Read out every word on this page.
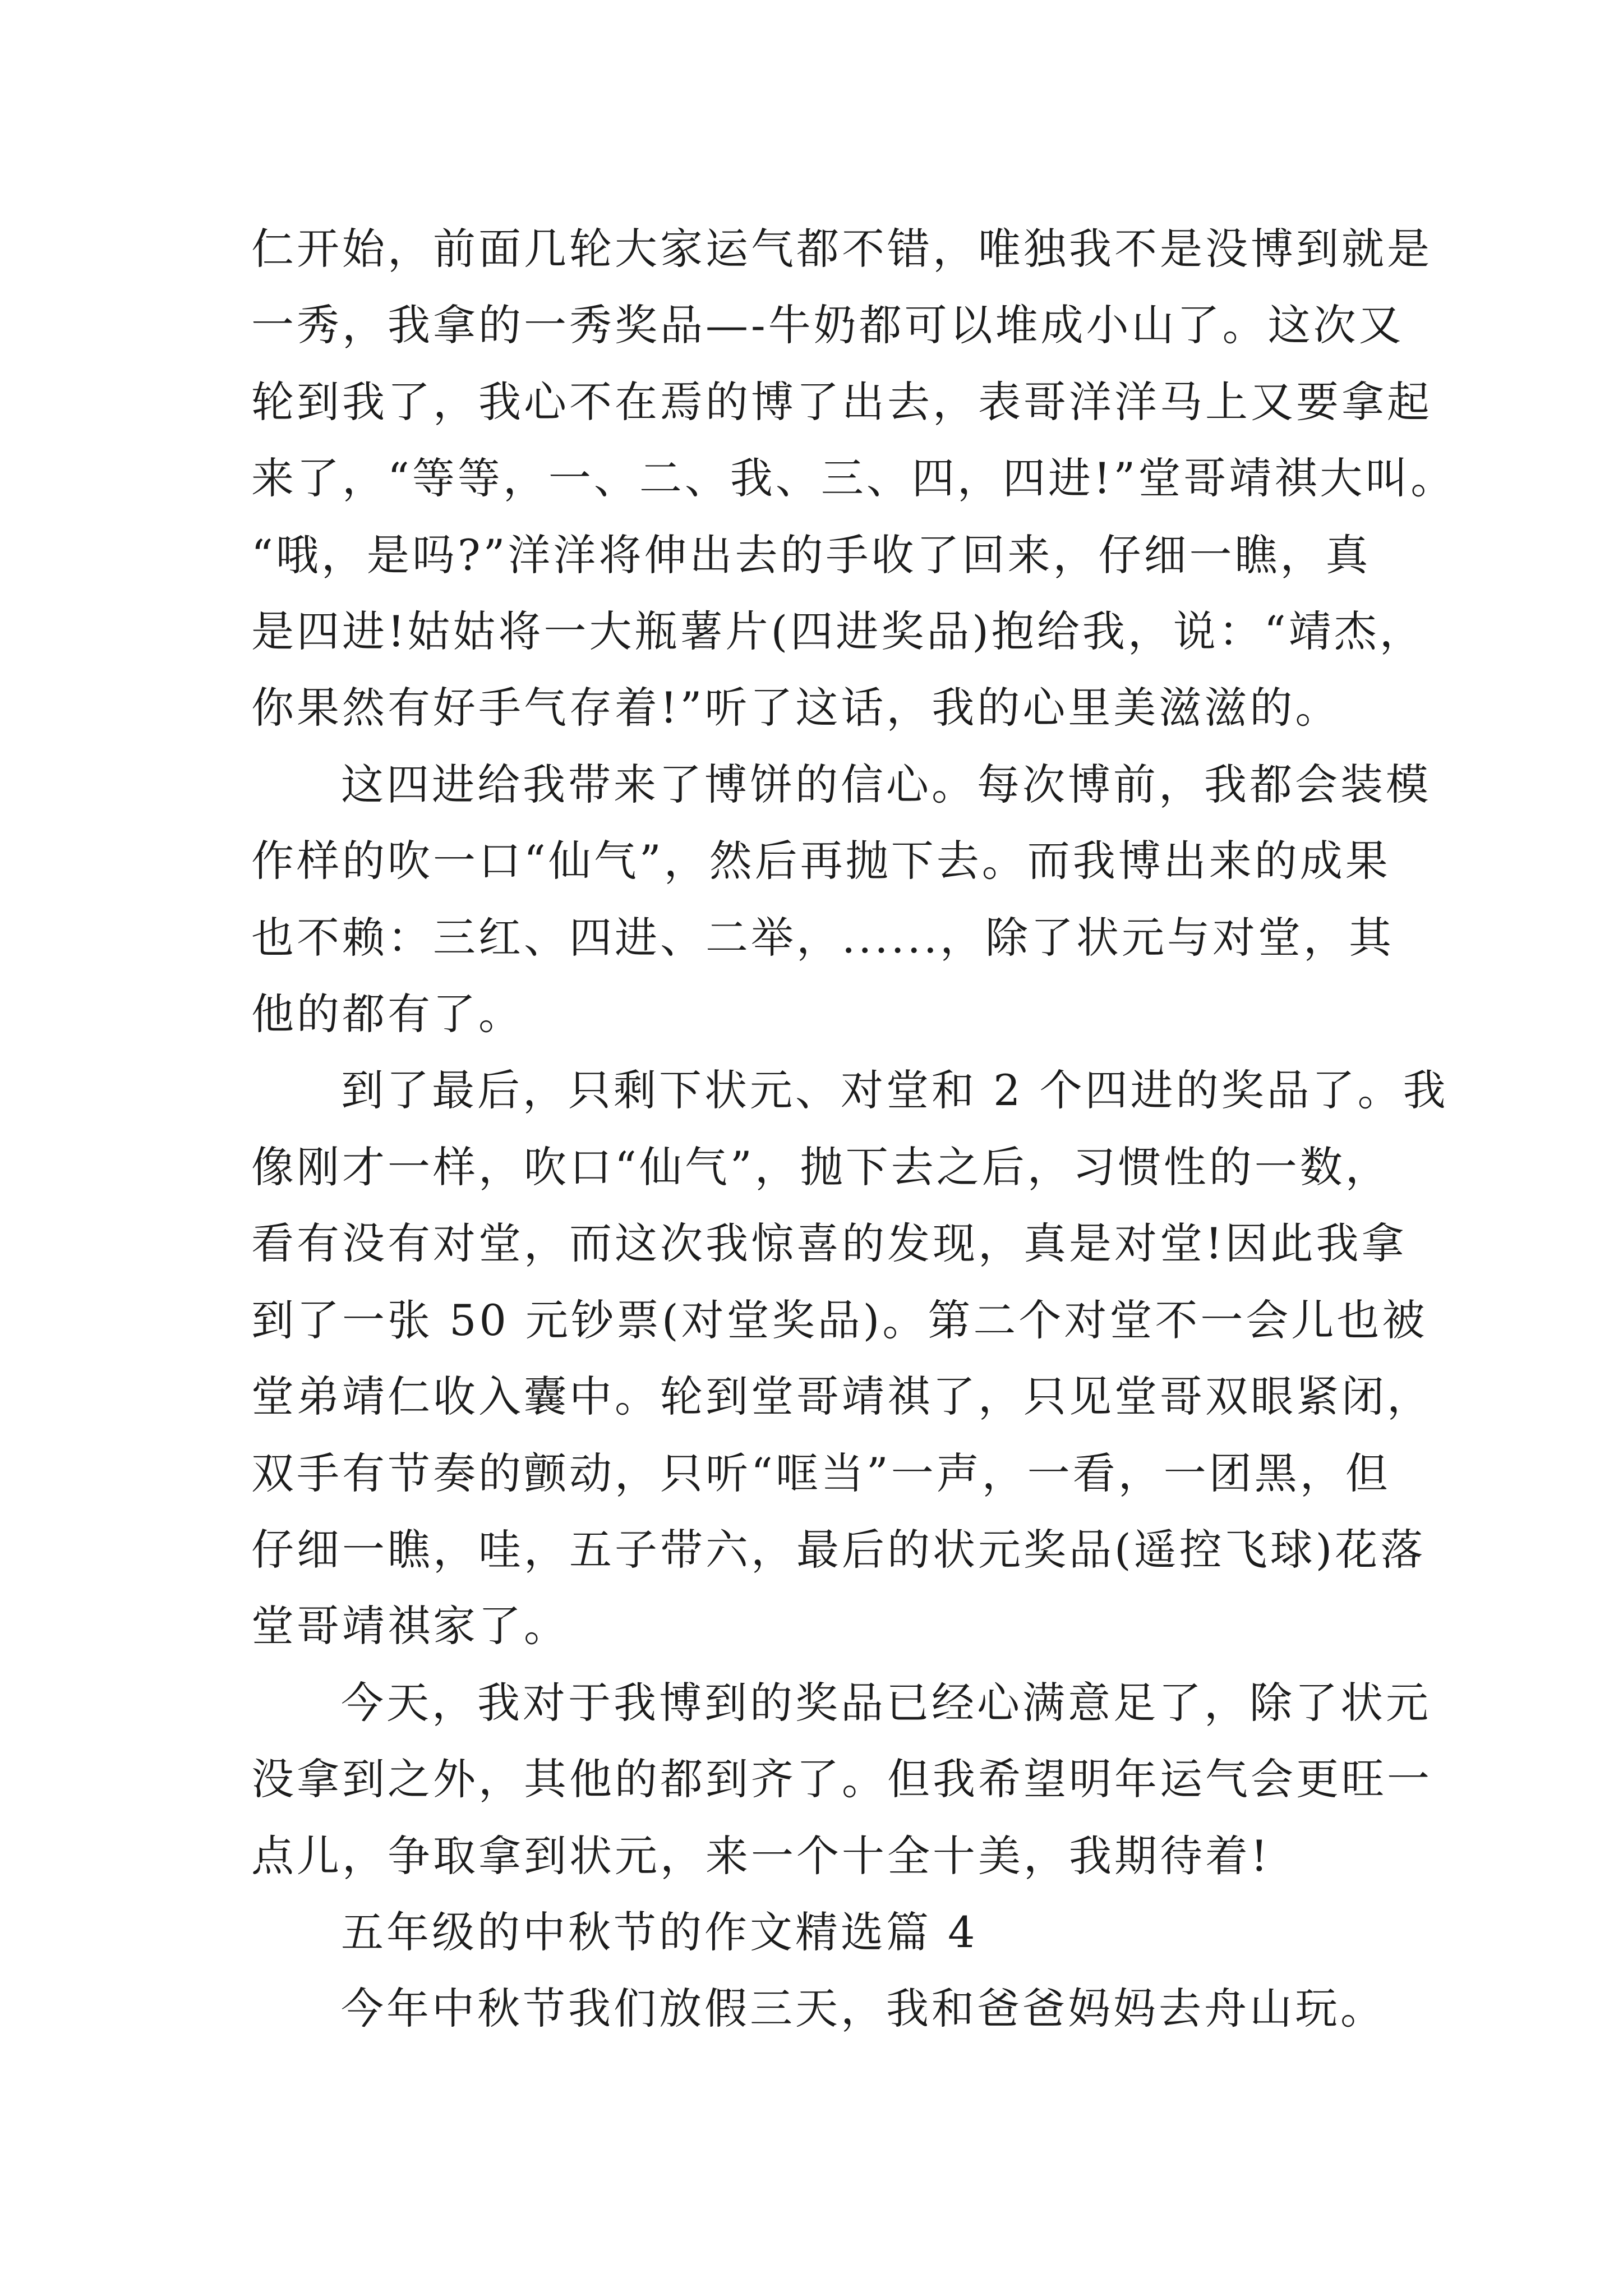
仁开始，前面几轮大家运气都不错，唯独我不是没博到就是
一秀，我拿的一秀奖品—-牛奶都可以堆成小山了。这次又
轮到我了，我心不在焉的博了出去，表哥洋洋马上又要拿起
来了，“等等，一、二、我、三、四，四进!”堂哥靖祺大叫。
“哦，是吗?”洋洋将伸出去的手收了回来，仔细一瞧，真
是四进!姑姑将一大瓶薯片(四进奖品)抱给我，说：“靖杰，
你果然有好手气存着!”听了这话，我的心里美滋滋的。

这四进给我带来了博饼的信心。每次博前，我都会装模
作样的吹一口“仙气”，然后再抛下去。而我博出来的成果
也不赖：三红、四进、二举，......，除了状元与对堂，其
他的都有了。

到了最后，只剩下状元、对堂和 2 个四进的奖品了。我
像刚才一样，吹口“仙气”，抛下去之后，习惯性的一数，
看有没有对堂，而这次我惊喜的发现，真是对堂!因此我拿
到了一张 50 元钞票(对堂奖品)。第二个对堂不一会儿也被
堂弟靖仁收入囊中。轮到堂哥靖祺了，只见堂哥双眼紧闭，
双手有节奏的颤动，只听“哐当”一声，一看，一团黑，但
仔细一瞧，哇，五子带六，最后的状元奖品(遥控飞球)花落
堂哥靖祺家了。

今天，我对于我博到的奖品已经心满意足了，除了状元
没拿到之外，其他的都到齐了。但我希望明年运气会更旺一
点儿，争取拿到状元，来一个十全十美，我期待着!

五年级的中秋节的作文精选篇 4

今年中秋节我们放假三天，我和爸爸妈妈去舟山玩。
